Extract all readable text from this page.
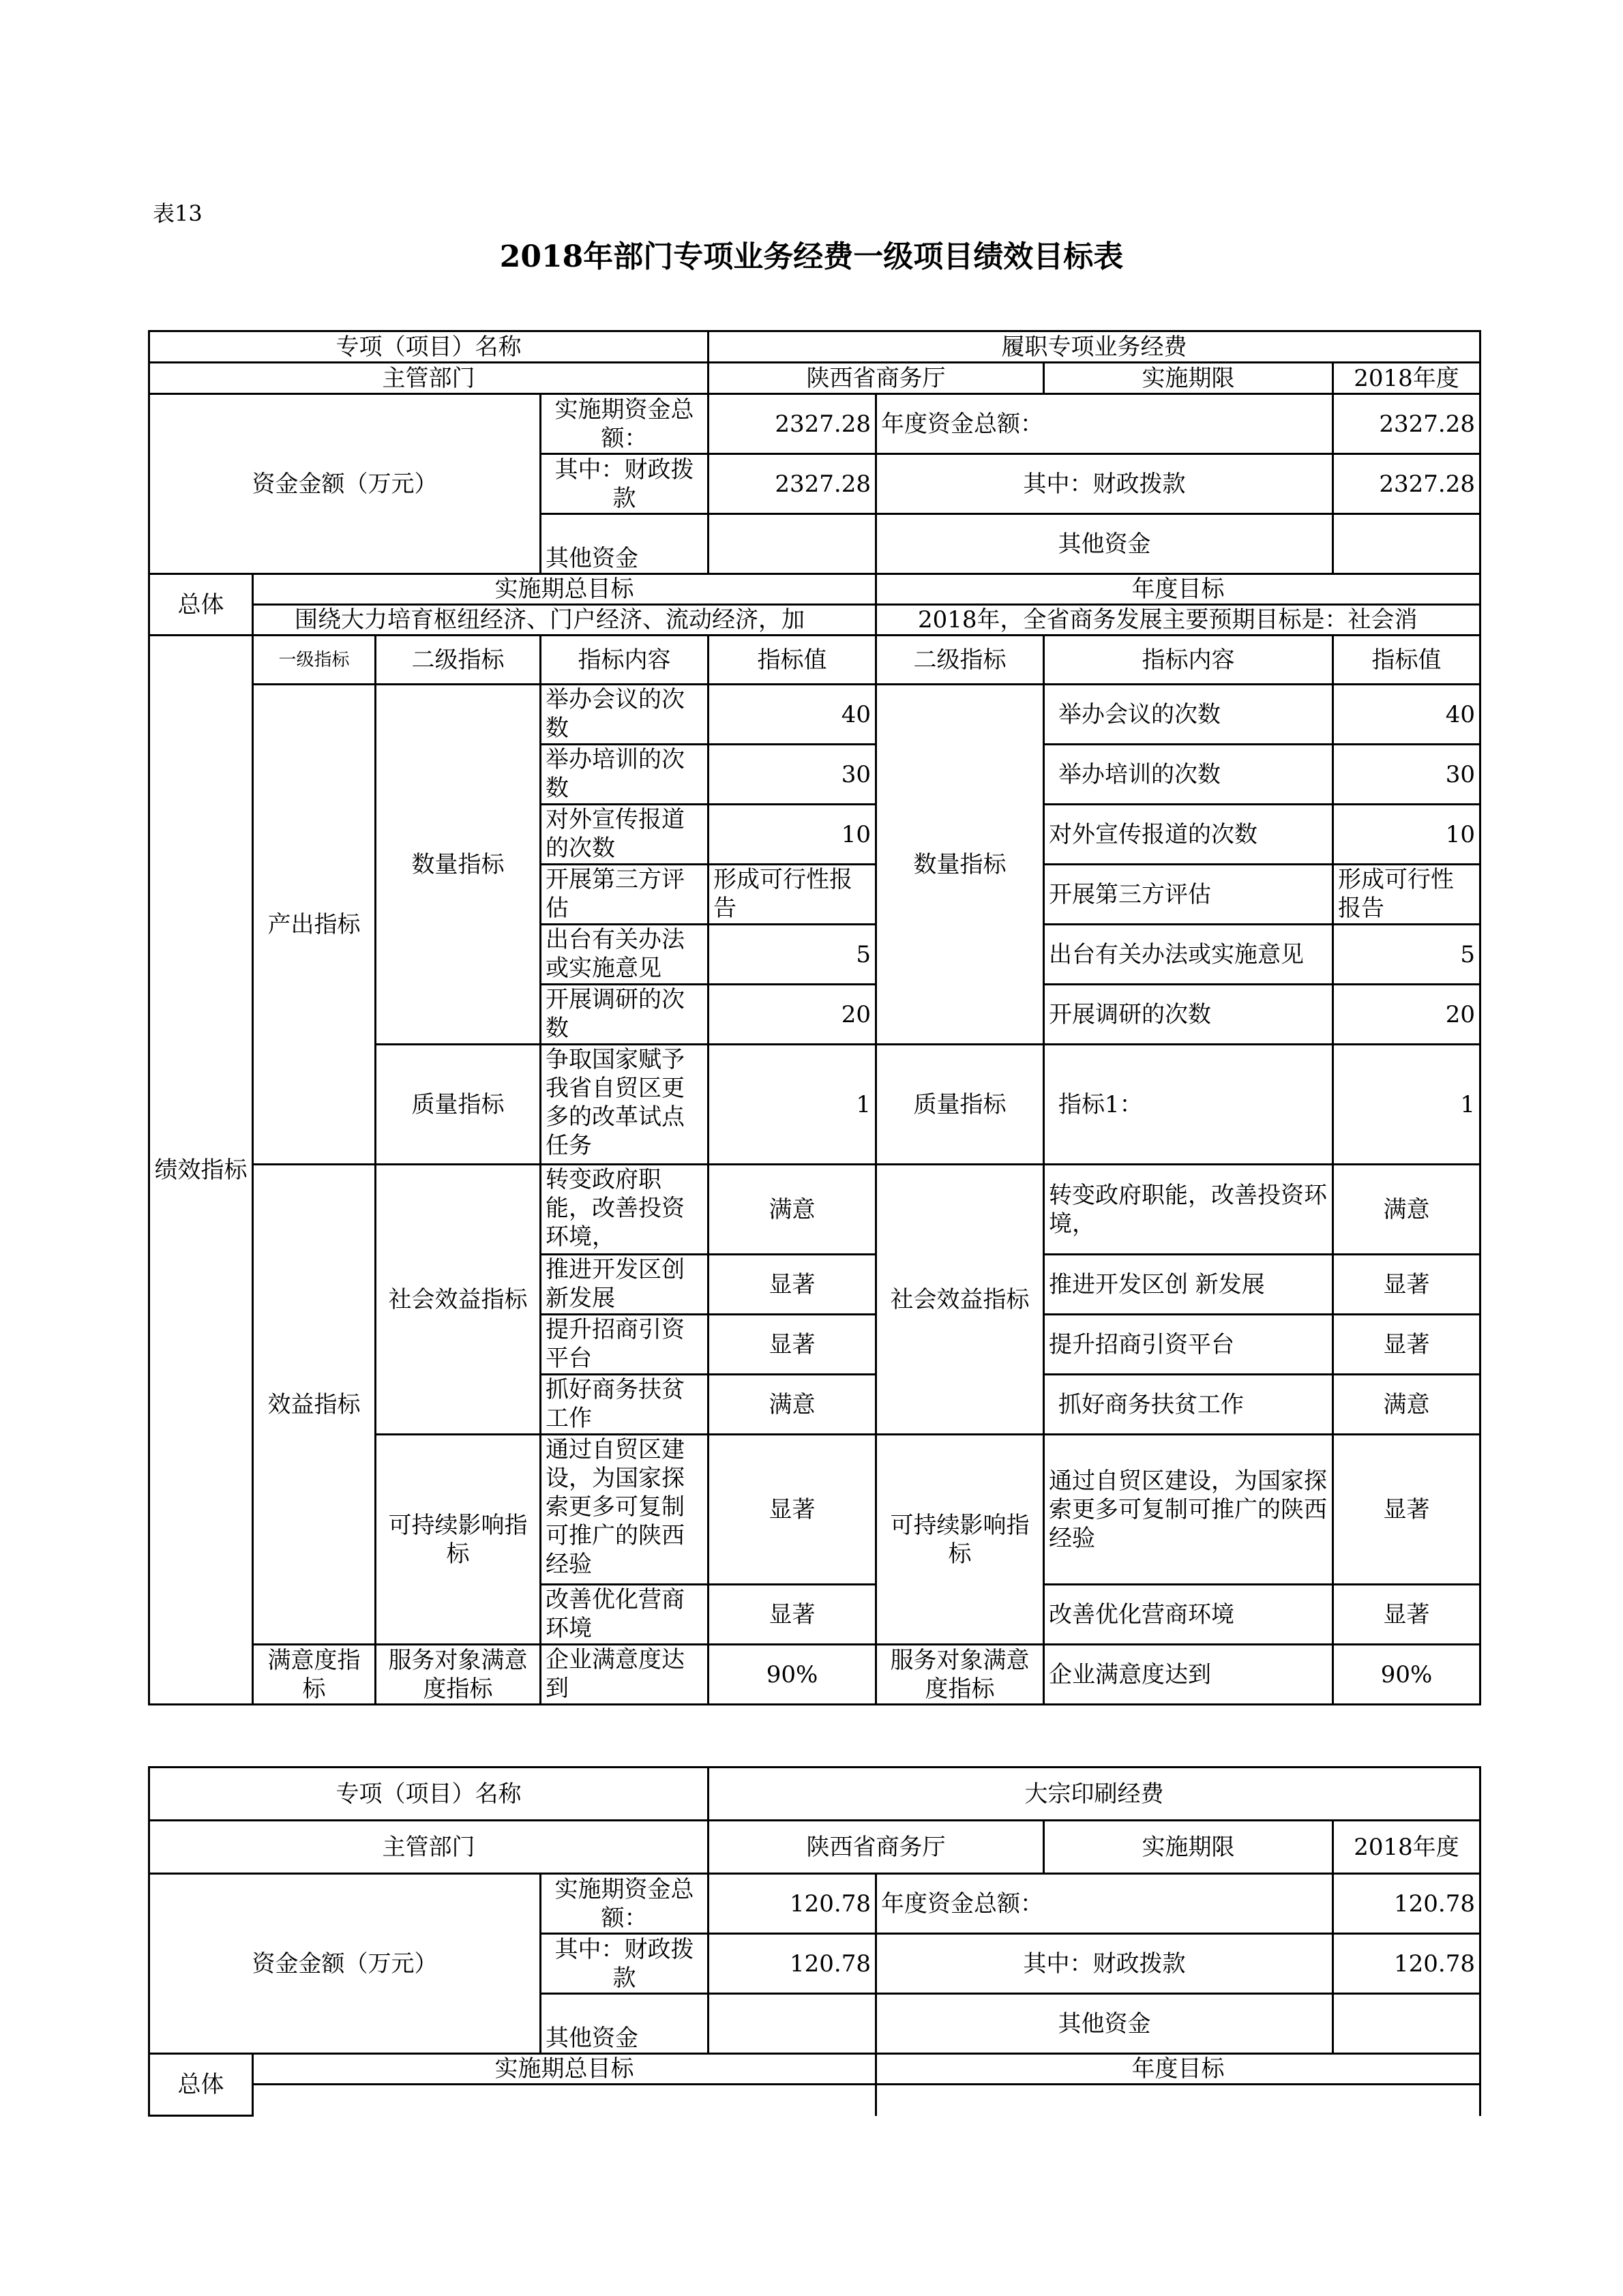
表13
2018年部门专项业务经费一级项目绩效目标表
专项（项目）名称				履职专项业务经费			
主管部门				陕西省商务厅		实施期限	2018年度
资金金额（万元）			实施期资金总额：	2327.28	年度资金总额：		2327.28
			其中：财政拨款	2327.28	其中：财政拨款		2327.28
			其他资金		其他资金		
总体	实施期总目标				年度目标		
	围绕大力培育枢纽经济、门户经济、流动经济，加				2018年，全省商务发展主要预期目标是：社会消		
绩效指标	一级指标	二级指标	指标内容	指标值	二级指标	指标内容	指标值
	产出指标	数量指标	举办会议的次数	40	数量指标	举办会议的次数	40
			举办培训的次数	30		举办培训的次数	30
			对外宣传报道的次数	10		对外宣传报道的次数	10
			开展第三方评估	形成可行性报告		开展第三方评估	形成可行性报告
			出台有关办法或实施意见	5		出台有关办法或实施意见	5
			开展调研的次数	20		开展调研的次数	20
		质量指标	争取国家赋予我省自贸区更多的改革试点任务	1	质量指标	指标1：	1
	效益指标	社会效益指标	转变政府职能，改善投资环境，	满意	社会效益指标	转变政府职能，改善投资环境，	满意
			推进开发区创新发展	显著		推进开发区创 新发展	显著
			提升招商引资平台	显著		提升招商引资平台	显著
			抓好商务扶贫工作	满意		抓好商务扶贫工作	满意
		可持续影响指标	通过自贸区建设，为国家探索更多可复制可推广的陕西经验	显著	可持续影响指标	通过自贸区建设，为国家探索更多可复制可推广的陕西经验	显著
			改善优化营商环境	显著		改善优化营商环境	显著
	满意度指标	服务对象满意度指标	企业满意度达到	90%	服务对象满意度指标	企业满意度达到	90%
专项（项目）名称			大宗印刷经费			
主管部门			陕西省商务厅		实施期限	2018年度
资金金额（万元）		实施期资金总额：	120.78	年度资金总额：		120.78
		其中：财政拨款	120.78	其中：财政拨款		120.78
		其他资金		其他资金		
总体	实施期总目标			年度目标		
